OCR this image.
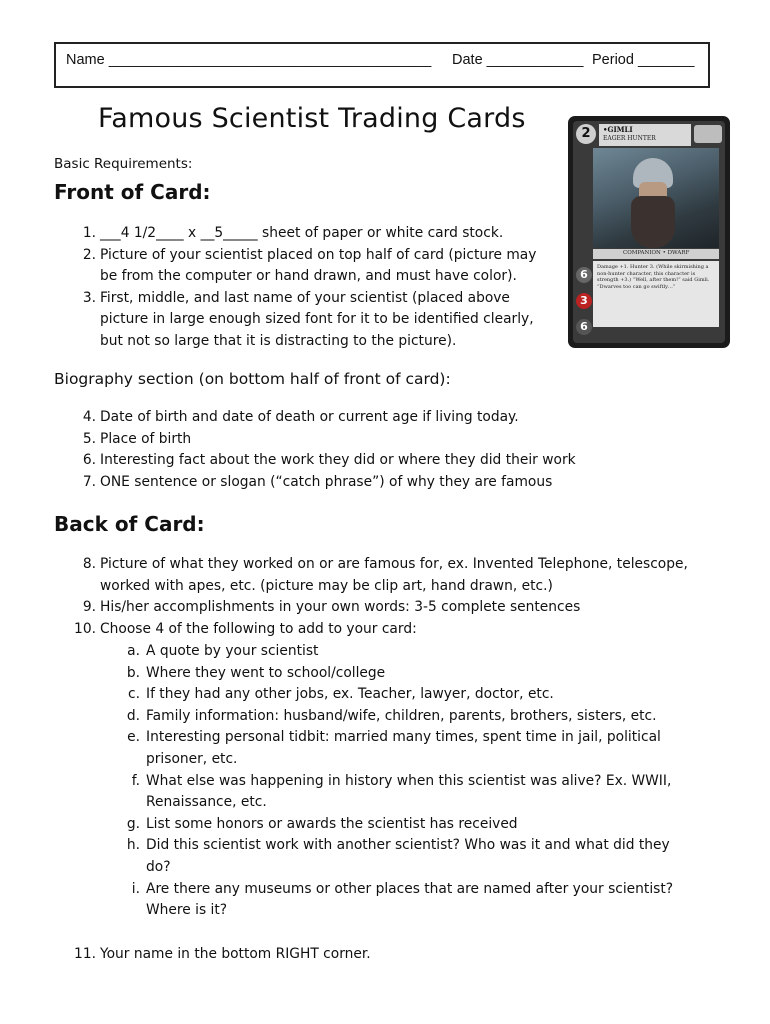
Name ________________________________________ Date ____________ Period _______
Famous Scientist Trading Cards
Basic Requirements:
2	•GIMLI
EAGER HUNTER
COMPANION • DWARF
Damage +1. Hunter 3. (While skirmishing a non-hunter character, this character is strength +3.) “Well, after them!” said Gimli. “Dwarves too can go swiftly…”
6
3
6
Front of Card:
1. ___4 1/2____ x __5_____ sheet of paper or white card stock.
2. Picture of your scientist placed on top half of card (picture may
be from the computer or hand drawn, and must have color).
3. First, middle, and last name of your scientist (placed above
picture in large enough sized font for it to be identified clearly,
but not so large that it is distracting to the picture).
Biography section (on bottom half of front of card):
4. Date of birth and date of death or current age if living today.
5. Place of birth
6. Interesting fact about the work they did or where they did their work
7. ONE sentence or slogan (“catch phrase”) of why they are famous
Back of Card:
8. Picture of what they worked on or are famous for, ex. Invented Telephone, telescope,
worked with apes, etc. (picture may be clip art, hand drawn, etc.)
9. His/her accomplishments in your own words: 3-5 complete sentences
10. Choose 4 of the following to add to your card:
a. A quote by your scientist
b. Where they went to school/college
c. If they had any other jobs, ex. Teacher, lawyer, doctor, etc.
d. Family information: husband/wife, children, parents, brothers, sisters, etc.
e. Interesting personal tidbit: married many times, spent time in jail, political
prisoner, etc.
f. What else was happening in history when this scientist was alive? Ex. WWII,
Renaissance, etc.
g. List some honors or awards the scientist has received
h. Did this scientist work with another scientist? Who was it and what did they
do?
i. Are there any museums or other places that are named after your scientist?
Where is it?
11. Your name in the bottom RIGHT corner.
